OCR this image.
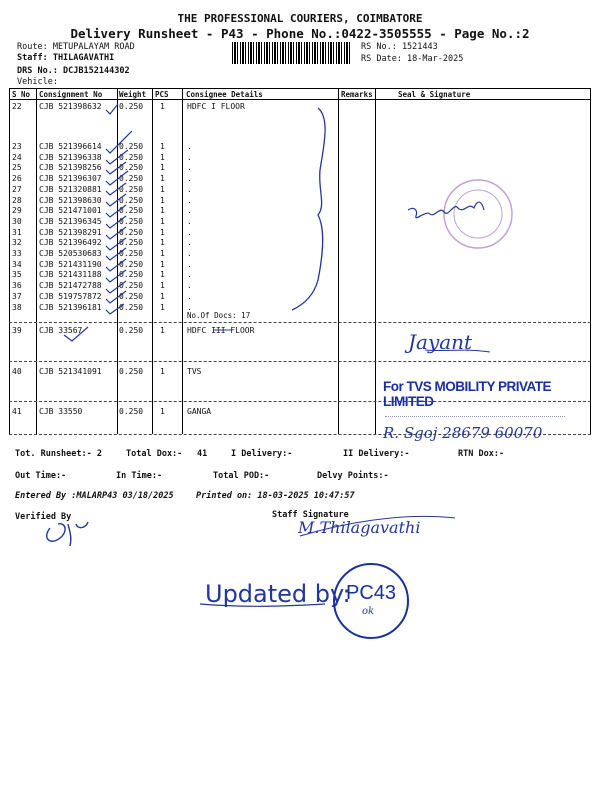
THE PROFESSIONAL COURIERS, COIMBATORE
Delivery Runsheet - P43 - Phone No.:0422-3505555 - Page No.:2
Route: METUPALAYAM ROAD
Staff: THILAGAVATHI
DRS No.: DCJB152144302
Vehicle:
RS No.: 1521443
RS Date: 18-Mar-2025
S No Consignment No Weight PCS Consignee Details	Remarks	Seal & Signature
22 CJB 521398632 0.250 1	HDFC I FLOOR
23 CJB 521396614 0.250 1	.
24 CJB 521396338 0.250 1	.
25 CJB 521398256 0.250 1	.
26 CJB 521396307 0.250 1	.
27 CJB 521320881 0.250 1	.
28 CJB 521398630 0.250 1	.
29 CJB 521471001 0.250 1	.
30 CJB 521396345 0.250 1	.
31 CJB 521398291 0.250 1	.
32 CJB 521396492 0.250 1	.
33 CJB 520530683 0.250 1	.
34 CJB 521431190 0.250 1	.
35 CJB 521431188 0.250 1	.
36 CJB 521472788 0.250 1	.
37 CJB 519757872 0.250 1	.
38 CJB 521396181 0.250 1	.
No.Of Docs: 17
39 CJB 33567	0.250 1	HDFC III FLOOR
40 CJB 521341091 0.250 1	TVS
41 CJB 33550	0.250 1	GANGA
Jayant
For TVS MOBILITY PRIVATE LIMITED
R. Sgoj 28679 60070
Tot. Runsheet:- 2	Total Dox:- 41	I Delivery:-	II Delivery:-	RTN Dox:-
Out Time:-	In Time:-	Total POD:-	Delvy Points:-
Entered By :MALARP43 03/18/2025	Printed on: 18-03-2025 10:47:57
Verified By	Staff Signature
M.Thilagavathi
Updated by:
PC43
ok
